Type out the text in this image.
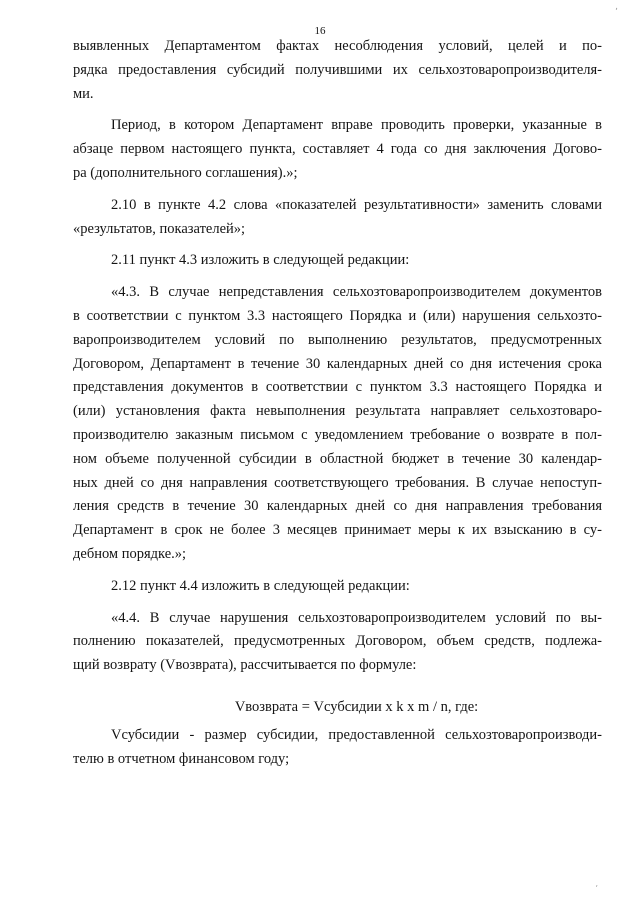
,
16
выявленных Департаментом фактах несоблюдения условий, целей и по-
рядка предоставления субсидий получившими их сельхозтоваропроизводителя-
ми.
Период, в котором Департамент вправе проводить проверки, указанные в
абзаце первом настоящего пункта, составляет 4 года со дня заключения Догово-
ра (дополнительного соглашения).»;
2.10 в пункте 4.2 слова «показателей результативности» заменить словами
«результатов, показателей»;
2.11 пункт 4.3 изложить в следующей редакции:
«4.3. В случае непредставления сельхозтоваропроизводителем документов
в соответствии с пунктом 3.3 настоящего Порядка и (или) нарушения сельхозто-
варопроизводителем условий по выполнению результатов, предусмотренных
Договором, Департамент в течение 30 календарных дней со дня истечения срока
представления документов в соответствии с пунктом 3.3 настоящего Порядка и
(или) установления факта невыполнения результата направляет сельхозтоваро-
производителю заказным письмом с уведомлением требование о возврате в пол-
ном объеме полученной субсидии в областной бюджет в течение 30 календар-
ных дней со дня направления соответствующего требования. В случае непоступ-
ления средств в течение 30 календарных дней со дня направления требования
Департамент в срок не более 3 месяцев принимает меры к их взысканию в су-
дебном порядке.»;
2.12 пункт 4.4 изложить в следующей редакции:
«4.4. В случае нарушения сельхозтоваропроизводителем условий по вы-
полнению показателей, предусмотренных Договором, объем средств, подлежа-
щий возврату (Vвозврата), рассчитывается по формуле:
Vвозврата = Vсубсидии x k x m / n, где:
Vсубсидии - размер субсидии, предоставленной сельхозтоваропроизводи-
телю в отчетном финансовом году;
,
